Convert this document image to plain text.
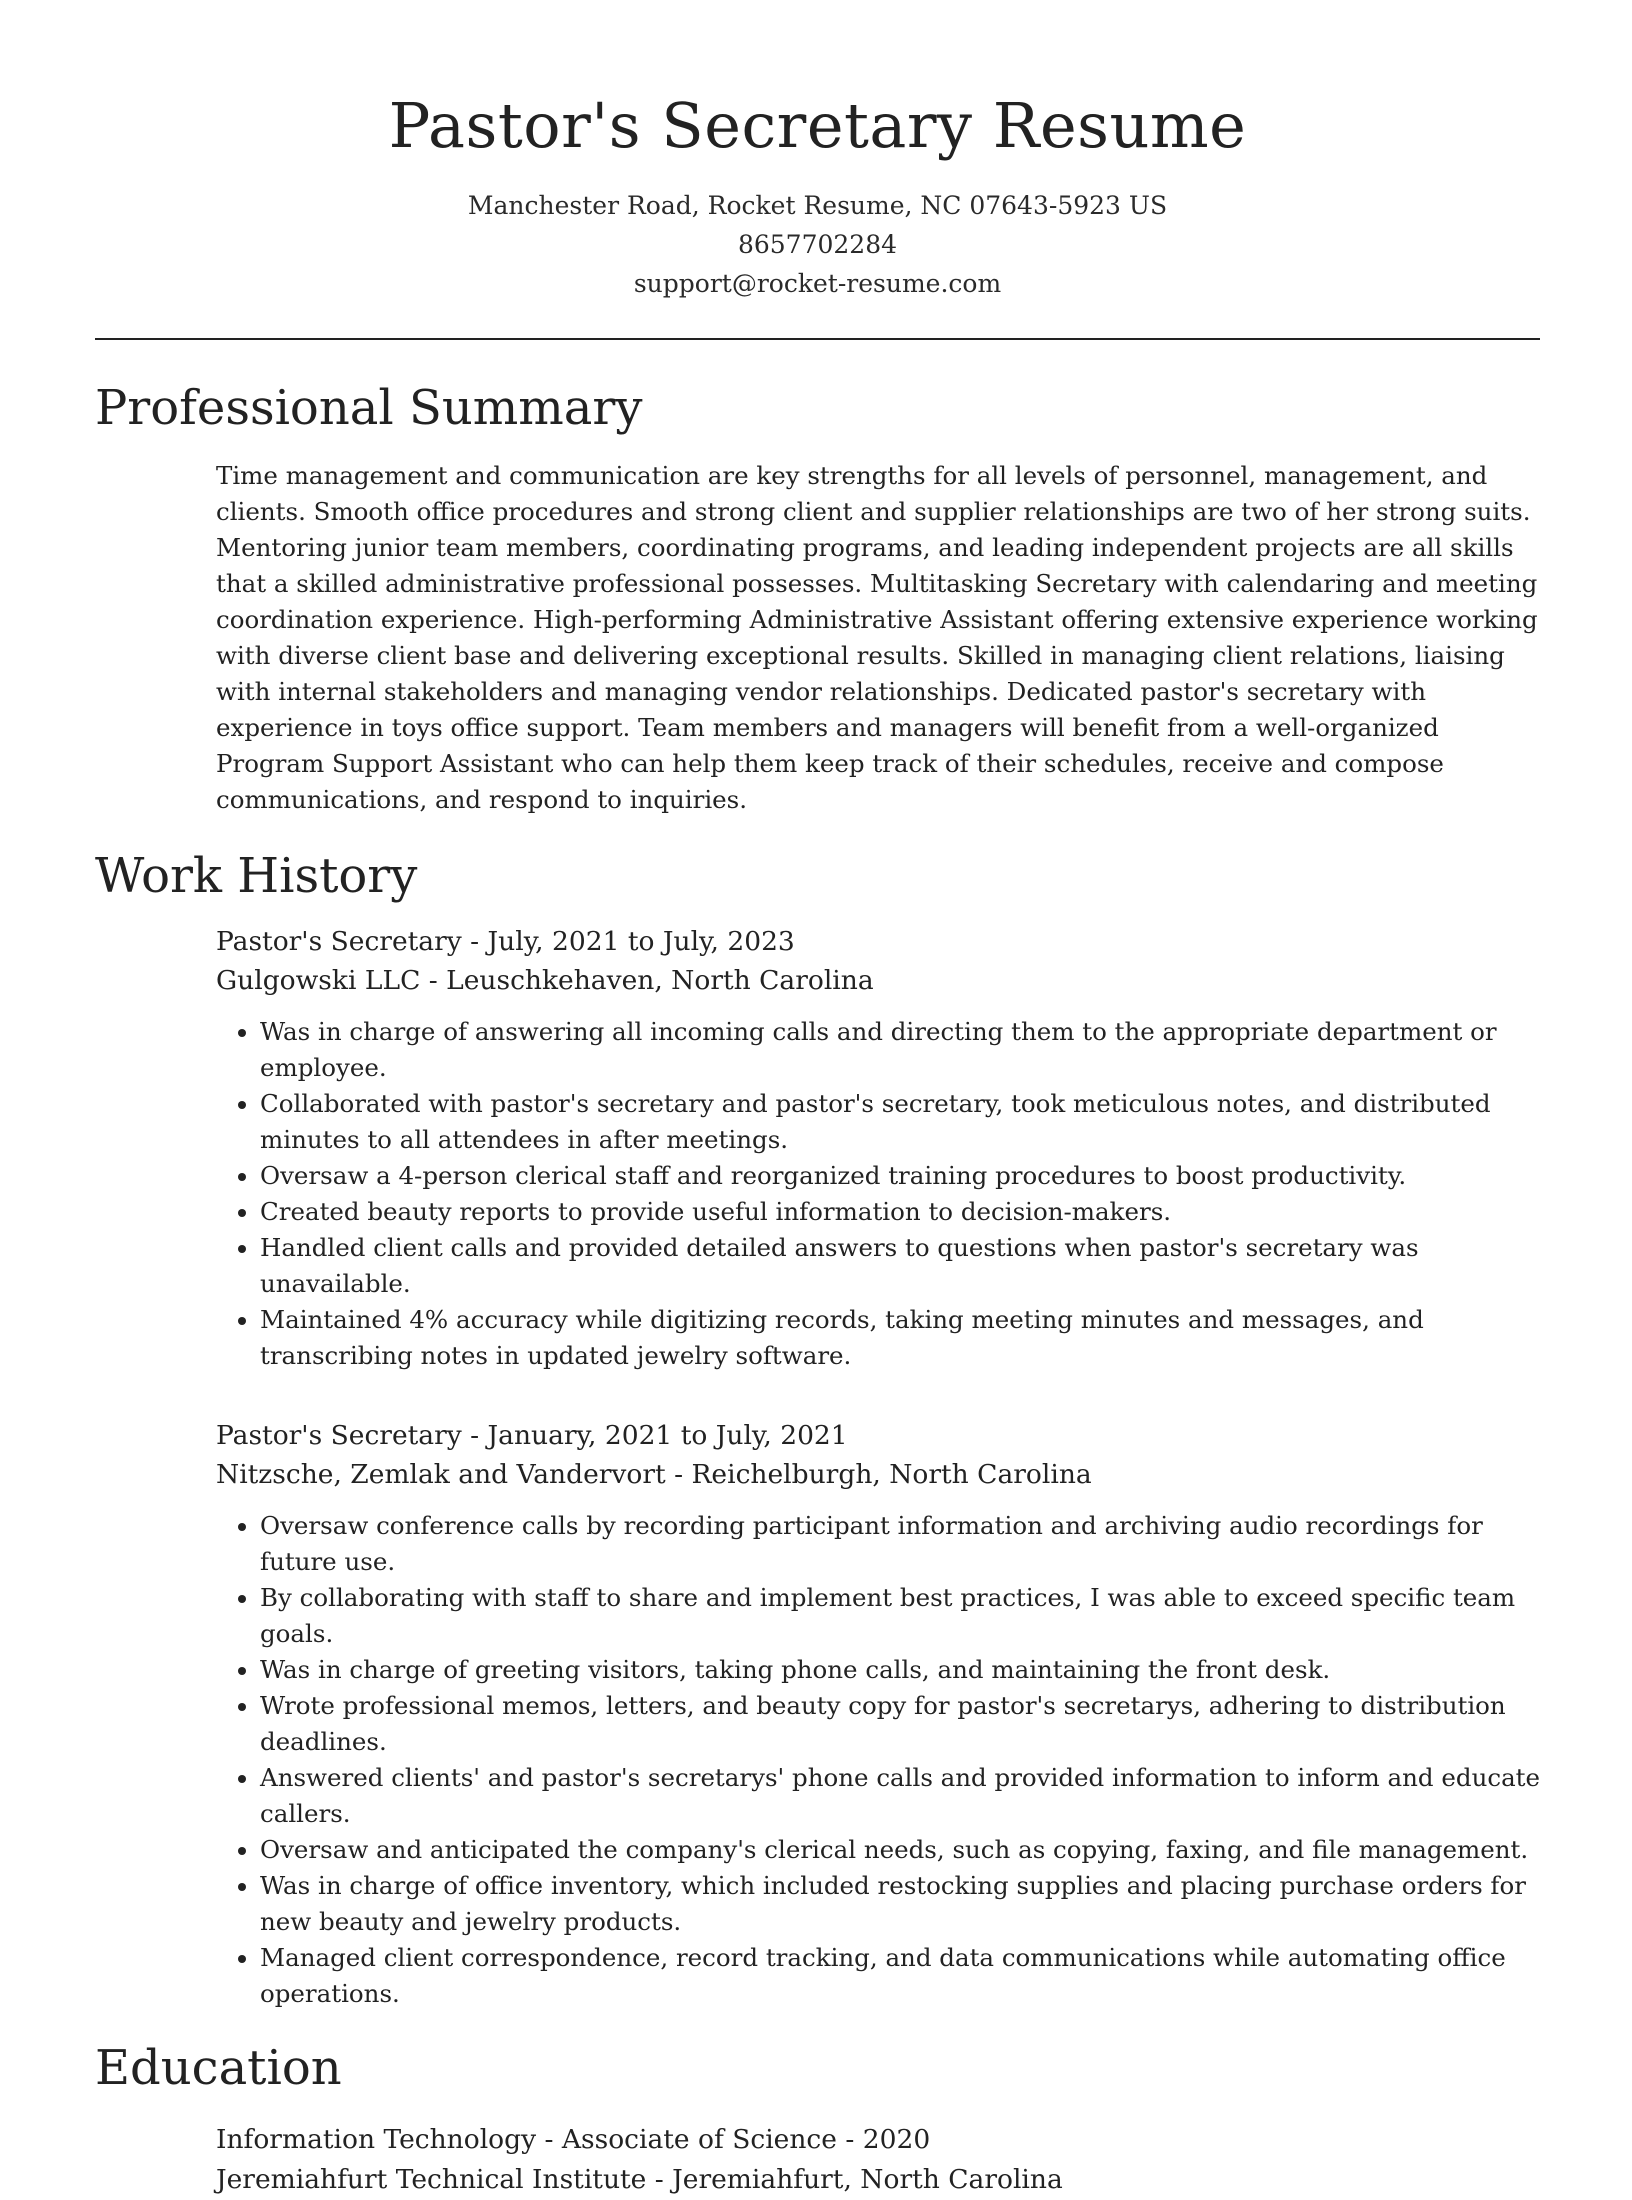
Pastor's Secretary Resume
Manchester Road, Rocket Resume, NC 07643-5923 US
8657702284
support@rocket-resume.com
Professional Summary
Time management and communication are key strengths for all levels of personnel, management, and clients. Smooth office procedures and strong client and supplier relationships are two of her strong suits. Mentoring junior team members, coordinating programs, and leading independent projects are all skills that a skilled administrative professional possesses. Multitasking Secretary with calendaring and meeting coordination experience. High-performing Administrative Assistant offering extensive experience working with diverse client base and delivering exceptional results. Skilled in managing client relations, liaising with internal stakeholders and managing vendor relationships. Dedicated pastor's secretary with experience in toys office support. Team members and managers will benefit from a well-organized Program Support Assistant who can help them keep track of their schedules, receive and compose communications, and respond to inquiries.
Work History
Pastor's Secretary - July, 2021 to July, 2023
Gulgowski LLC - Leuschkehaven, North Carolina
• Was in charge of answering all incoming calls and directing them to the appropriate department or employee.
• Collaborated with pastor's secretary and pastor's secretary, took meticulous notes, and distributed minutes to all attendees in after meetings.
• Oversaw a 4-person clerical staff and reorganized training procedures to boost productivity.
• Created beauty reports to provide useful information to decision-makers.
• Handled client calls and provided detailed answers to questions when pastor's secretary was unavailable.
• Maintained 4% accuracy while digitizing records, taking meeting minutes and messages, and transcribing notes in updated jewelry software.
Pastor's Secretary - January, 2021 to July, 2021
Nitzsche, Zemlak and Vandervort - Reichelburgh, North Carolina
• Oversaw conference calls by recording participant information and archiving audio recordings for future use.
• By collaborating with staff to share and implement best practices, I was able to exceed specific team goals.
• Was in charge of greeting visitors, taking phone calls, and maintaining the front desk.
• Wrote professional memos, letters, and beauty copy for pastor's secretarys, adhering to distribution deadlines.
• Answered clients' and pastor's secretarys' phone calls and provided information to inform and educate callers.
• Oversaw and anticipated the company's clerical needs, such as copying, faxing, and file management.
• Was in charge of office inventory, which included restocking supplies and placing purchase orders for new beauty and jewelry products.
• Managed client correspondence, record tracking, and data communications while automating office operations.
Education
Information Technology - Associate of Science - 2020
Jeremiahfurt Technical Institute - Jeremiahfurt, North Carolina
